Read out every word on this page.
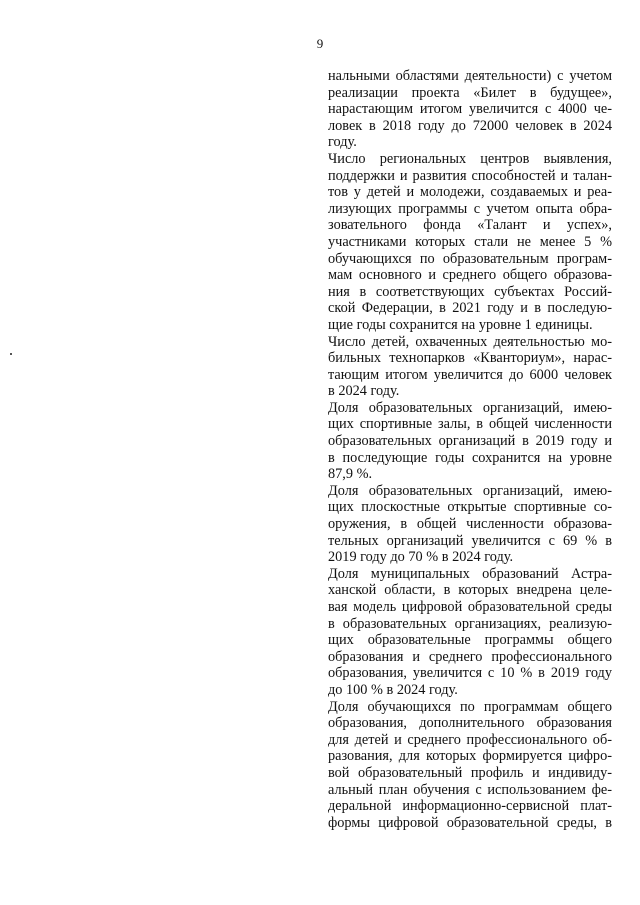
9
нальными областями деятельности) с учетом
реализации проекта «Билет в будущее»,
нарастающим итогом увеличится с 4000 че-
ловек в 2018 году до 72000 человек в 2024
году.
Число региональных центров выявления,
поддержки и развития способностей и талан-
тов у детей и молодежи, создаваемых и реа-
лизующих программы с учетом опыта обра-
зовательного фонда «Талант и успех»,
участниками которых стали не менее 5 %
обучающихся по образовательным програм-
мам основного и среднего общего образова-
ния в соответствующих субъектах Россий-
ской Федерации, в 2021 году и в последую-
щие годы сохранится на уровне 1 единицы.
Число детей, охваченных деятельностью мо-
бильных технопарков «Кванториум», нарас-
тающим итогом увеличится до 6000 человек
в 2024 году.
Доля образовательных организаций, имею-
щих спортивные залы, в общей численности
образовательных организаций в 2019 году и
в последующие годы сохранится на уровне
87,9 %.
Доля образовательных организаций, имею-
щих плоскостные открытые спортивные со-
оружения, в общей численности образова-
тельных организаций увеличится с 69 % в
2019 году до 70 % в 2024 году.
Доля муниципальных образований Астра-
ханской области, в которых внедрена целе-
вая модель цифровой образовательной среды
в образовательных организациях, реализую-
щих образовательные программы общего
образования и среднего профессионального
образования, увеличится с 10 % в 2019 году
до 100 % в 2024 году.
Доля обучающихся по программам общего
образования, дополнительного образования
для детей и среднего профессионального об-
разования, для которых формируется цифро-
вой образовательный профиль и индивиду-
альный план обучения с использованием фе-
деральной информационно-сервисной плат-
формы цифровой образовательной среды, в
